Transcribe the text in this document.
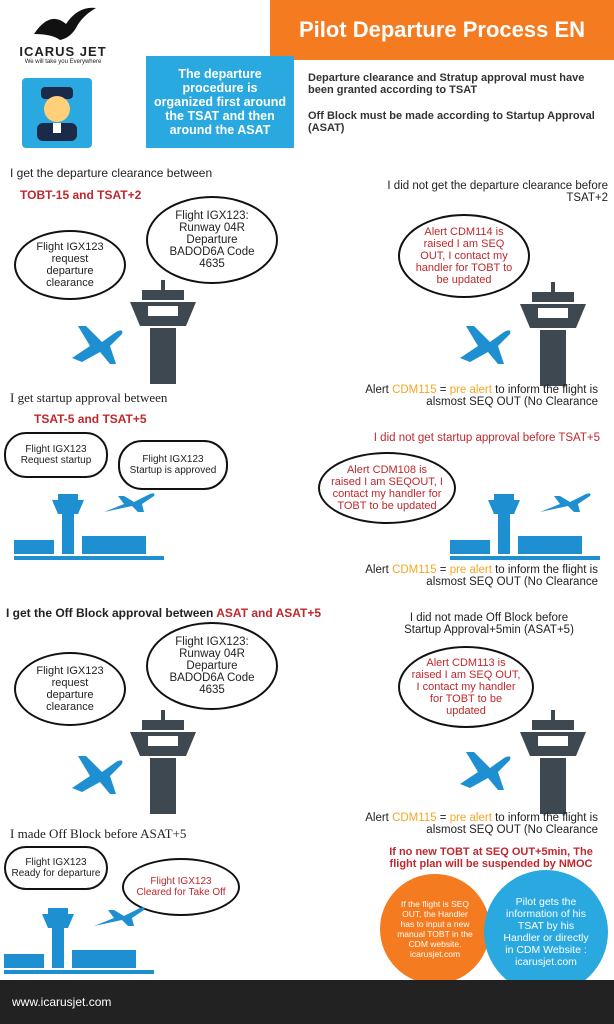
ICARUS JET
We will take you Everywhere
Pilot Departure Process EN
The departure procedure is organized first around the TSAT and then around the ASAT
Departure clearance and Stratup approval must have been granted according to TSAT
Off Block must be made according to Startup Approval (ASAT)
I get the departure clearance between
TOBT-15 and TSAT+2
Flight IGX123 request departure clearance
Flight IGX123: Runway 04R Departure BADOD6A Code 4635
I did not get the departure clearance before TSAT+2
Alert CDM114 is raised I am SEQ OUT, I contact my handler for TOBT to be updated
Alert CDM115 = pre alert to inform the flight is alsmost SEQ OUT (No Clearance
I get startup approval between
TSAT-5 and TSAT+5
Flight IGX123 Request startup	Flight IGX123 Startup is approved
I did not get startup approval before TSAT+5
Alert CDM108 is raised I am SEQOUT, I contact my handler for TOBT to be updated
Alert CDM115 = pre alert to inform the flight is alsmost SEQ OUT (No Clearance
I get the Off Block approval between ASAT and ASAT+5
Flight IGX123 request departure clearance
Flight IGX123: Runway 04R Departure BADOD6A Code 4635
I did not made Off Block before Startup Approval+5min (ASAT+5)
Alert CDM113 is raised I am SEQ OUT, I contact my handler for TOBT to be updated
Alert CDM115 = pre alert to inform the flight is alsmost SEQ OUT (No Clearance
I made Off Block before ASAT+5
Flight IGX123 Ready for departure
Flight IGX123 Cleared for Take Off
If no new TOBT at SEQ OUT+5min, The flight plan will be suspended by NMOC
If the flight is SEQ OUT, the Handler has to input a new manual TOBT in the CDM website. icarusjet.com
Pilot gets the information of his TSAT by his Handler or directly in CDM Website : icarusjet.com
www.icarusjet.com
